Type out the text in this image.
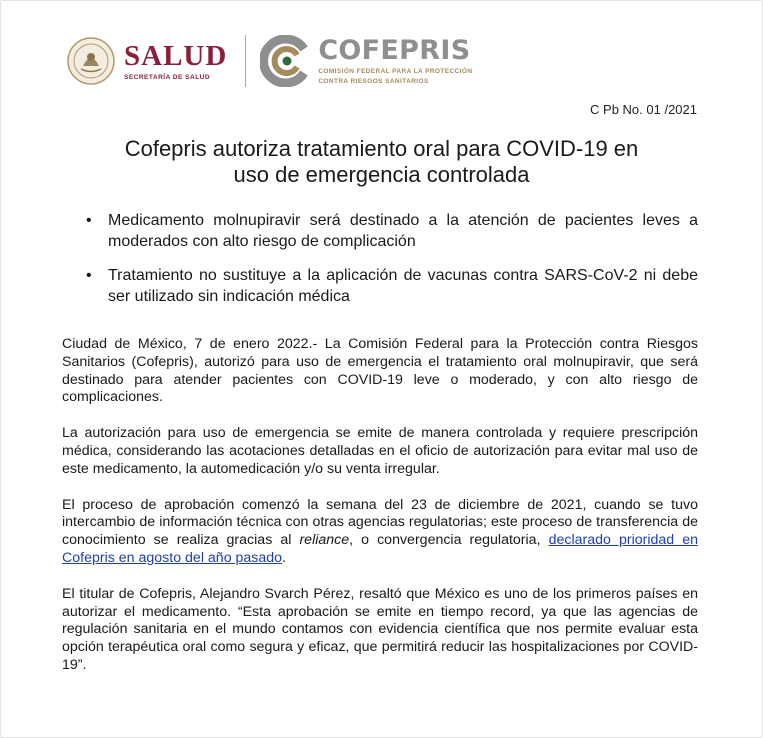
SALUD
SECRETARÍA DE SALUD
COFEPRIS
COMISIÓN FEDERAL PARA LA PROTECCIÓN
CONTRA RIESGOS SANITARIOS
C Pb No. 01 /2021
Cofepris autoriza tratamiento oral para COVID-19 en
uso de emergencia controlada
• Medicamento molnupiravir será destinado a la atención de pacientes leves a moderados con alto riesgo de complicación
• Tratamiento no sustituye a la aplicación de vacunas contra SARS-CoV-2 ni debe ser utilizado sin indicación médica

Ciudad de México, 7 de enero 2022.- La Comisión Federal para la Protección contra Riesgos Sanitarios (Cofepris), autorizó para uso de emergencia el tratamiento oral molnupiravir, que será destinado para atender pacientes con COVID-19 leve o moderado, y con alto riesgo de complicaciones.

La autorización para uso de emergencia se emite de manera controlada y requiere prescripción médica, considerando las acotaciones detalladas en el oficio de autorización para evitar mal uso de este medicamento, la automedicación y/o su venta irregular.

El proceso de aprobación comenzó la semana del 23 de diciembre de 2021, cuando se tuvo intercambio de información técnica con otras agencias regulatorias; este proceso de transferencia de conocimiento se realiza gracias al reliance, o convergencia regulatoria, declarado prioridad en Cofepris en agosto del año pasado.

El titular de Cofepris, Alejandro Svarch Pérez, resaltó que México es uno de los primeros países en autorizar el medicamento. “Esta aprobación se emite en tiempo record, ya que las agencias de regulación sanitaria en el mundo contamos con evidencia científica que nos permite evaluar esta opción terapéutica oral como segura y eficaz, que permitirá reducir las hospitalizaciones por COVID-19”.
